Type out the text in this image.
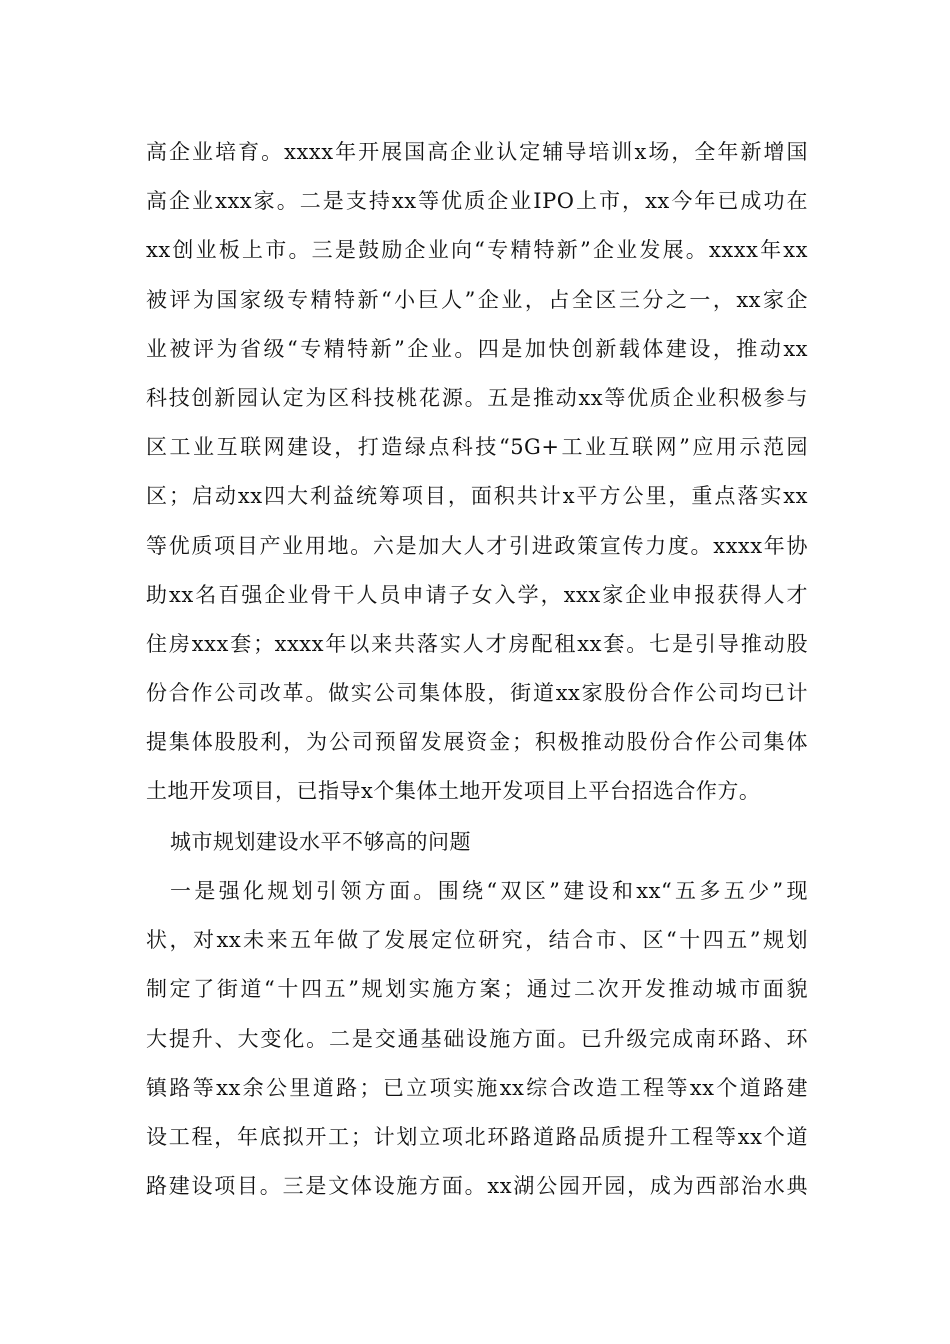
高企业培育。xxxx年开展国高企业认定辅导培训x场，全年新增国
高企业xxx家。二是支持xx等优质企业IPO上市，xx今年已成功在
xx创业板上市。三是鼓励企业向“专精特新”企业发展。xxxx年xx
被评为国家级专精特新“小巨人”企业，占全区三分之一，xx家企
业被评为省级“专精特新”企业。四是加快创新载体建设，推动xx
科技创新园认定为区科技桃花源。五是推动xx等优质企业积极参与
区工业互联网建设，打造绿点科技“5G+工业互联网”应用示范园
区；启动xx四大利益统筹项目，面积共计x平方公里，重点落实xx
等优质项目产业用地。六是加大人才引进政策宣传力度。xxxx年协
助xx名百强企业骨干人员申请子女入学，xxx家企业申报获得人才
住房xxx套；xxxx年以来共落实人才房配租xx套。七是引导推动股
份合作公司改革。做实公司集体股，街道xx家股份合作公司均已计
提集体股股利，为公司预留发展资金；积极推动股份合作公司集体
土地开发项目，已指导x个集体土地开发项目上平台招选合作方。
城市规划建设水平不够高的问题
一是强化规划引领方面。围绕“双区”建设和xx“五多五少”现
状，对xx未来五年做了发展定位研究，结合市、区“十四五”规划
制定了街道“十四五”规划实施方案；通过二次开发推动城市面貌
大提升、大变化。二是交通基础设施方面。已升级完成南环路、环
镇路等xx余公里道路；已立项实施xx综合改造工程等xx个道路建
设工程，年底拟开工；计划立项北环路道路品质提升工程等xx个道
路建设项目。三是文体设施方面。xx湖公园开园，成为西部治水典
